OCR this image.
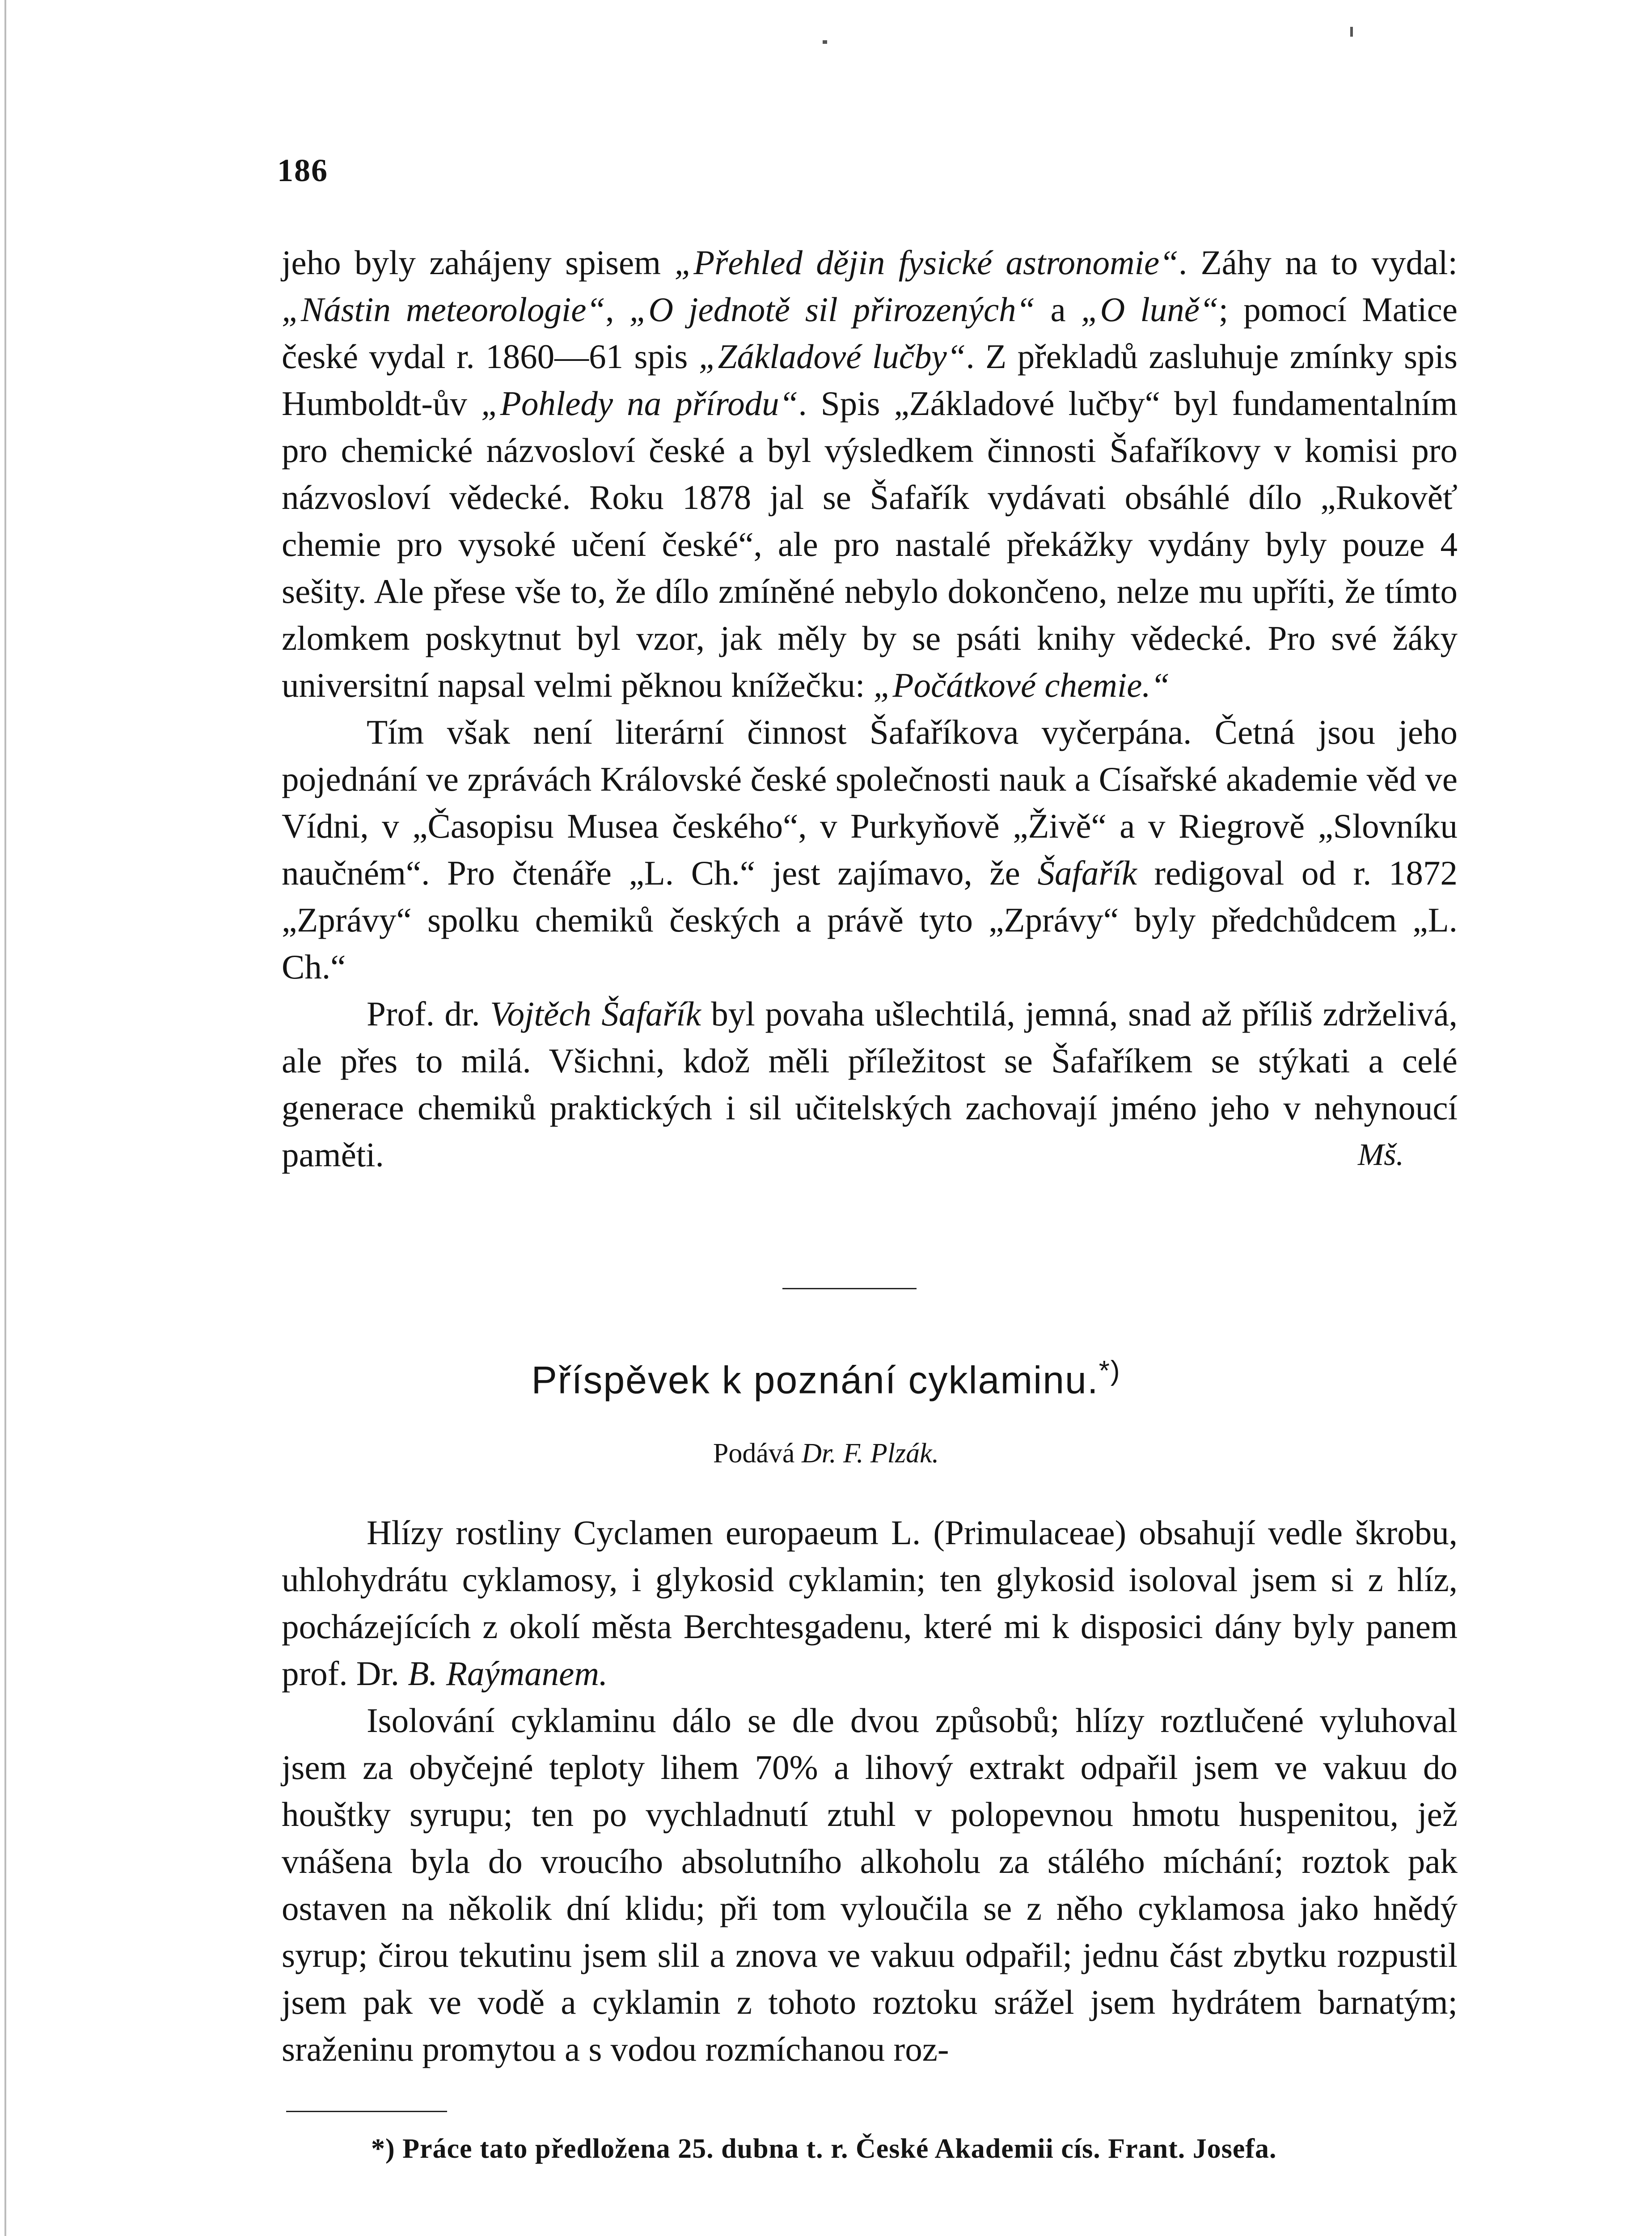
186

jeho byly zahájeny spisem „Přehled dějin fysické astronomie“. Záhy na to vydal: „Nástin meteorologie“, „O jednotě sil přirozených“ a „O luně“; pomocí Matice české vydal r. 1860—61 spis „Základové lučby“. Z překladů zasluhuje zmínky spis Humboldt-ův „Pohledy na přírodu“. Spis „Základové lučby“ byl fundamentalním pro chemické názvosloví české a byl výsledkem činnosti Šafaříkovy v komisi pro názvosloví vědecké. Roku 1878 jal se Šafařík vydávati obsáhlé dílo „Rukověť chemie pro vysoké učení české“, ale pro nastalé překážky vydány byly pouze 4 sešity. Ale přese vše to, že dílo zmíněné nebylo dokončeno, nelze mu upříti, že tímto zlomkem poskytnut byl vzor, jak měly by se psáti knihy vědecké. Pro své žáky universitní napsal velmi pěknou knížečku: „Počátkové chemie.“

Tím však není literární činnost Šafaříkova vyčerpána. Četná jsou jeho pojednání ve zprávách Královské české společnosti nauk a Císařské akademie věd ve Vídni, v „Časopisu Musea českého“, v Purkyňově „Živě“ a v Riegrově „Slovníku naučném“. Pro čtenáře „L. Ch.“ jest zajímavo, že Šafařík redigoval od r. 1872 „Zprávy“ spolku chemiků českých a právě tyto „Zprávy“ byly předchůdcem „L. Ch.“

Prof. dr. Vojtěch Šafařík byl povaha ušlechtilá, jemná, snad až příliš zdrželivá, ale přes to milá. Všichni, kdož měli příležitost se Šafaříkem se stýkati a celé generace chemiků praktických i sil učitelských zachovají jméno jeho v nehynoucí paměti.	Mš.

Příspěvek k poznání cyklaminu.*)
Podává Dr. F. Plzák.

Hlízy rostliny Cyclamen europaeum L. (Primulaceae) obsahují vedle škrobu, uhlohydrátu cyklamosy, i glykosid cyklamin; ten glykosid isoloval jsem si z hlíz, pocházejících z okolí města Berchtesgadenu, které mi k disposici dány byly panem prof. Dr. B. Raýmanem.

Isolování cyklaminu dálo se dle dvou způsobů; hlízy roztlučené vyluhoval jsem za obyčejné teploty lihem 70% a lihový extrakt odpařil jsem ve vakuu do houštky syrupu; ten po vychladnutí ztuhl v polopevnou hmotu huspenitou, jež vnášena byla do vroucího absolutního alkoholu za stálého míchání; roztok pak ostaven na několik dní klidu; při tom vyloučila se z něho cyklamosa jako hnědý syrup; čirou tekutinu jsem slil a znova ve vakuu odpařil; jednu část zbytku rozpustil jsem pak ve vodě a cyklamin z tohoto roztoku srážel jsem hydrátem barnatým; sraženinu promytou a s vodou rozmíchanou roz-

*) Práce tato předložena 25. dubna t. r. České Akademii cís. Frant. Josefa.
